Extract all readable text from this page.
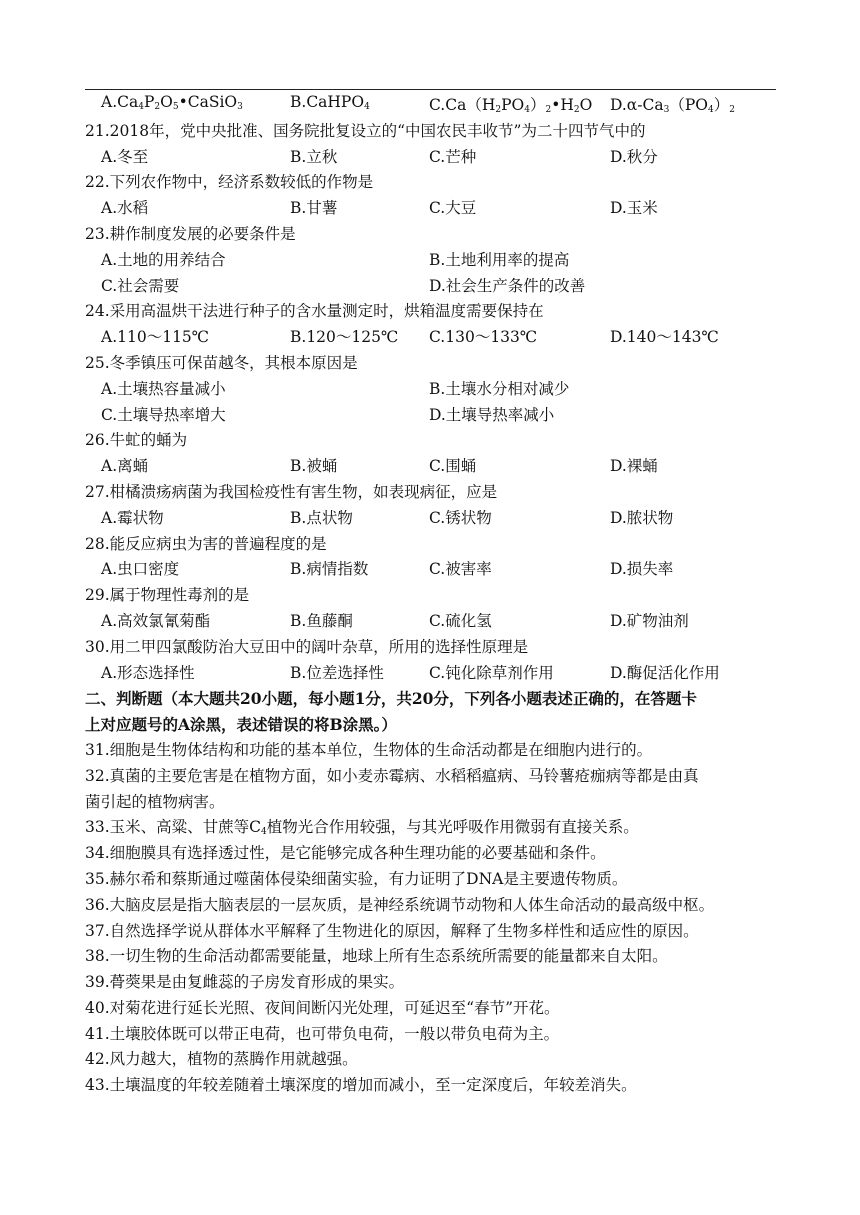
$A.Ca_4P_2O_5•CaSiO_3$	B.CaHPO$_4$	$C.Ca(H_2PO_4)_2•H_2O$ $D.\alpha-Ca_3(PO_4)_2$
21.2018年，党中央批准、国务院批复设立的“中国农民丰收节”为二十四节气中的
A.冬至	B.立秋	C.芒种	D.秋分
22.下列农作物中，经济系数较低的作物是
A.水稻	B.甘薯	C.大豆	D.玉米
23.耕作制度发展的必要条件是
A.土地的用养结合	B.土地利用率的提高
C.社会需要	D.社会生产条件的改善
24.采用高温烘干法进行种子的含水量测定时，烘箱温度需要保持在
A.110～115℃	B.120～125℃ C.130～133℃	D.140～143℃
25.冬季镇压可保苗越冬，其根本原因是
A.土壤热容量减小	B.土壤水分相对减少
C.土壤导热率增大	D.土壤导热率减小
26.牛虻的蛹为
A.离蛹	B.被蛹	C.围蛹	D.裸蛹
27.柑橘溃疡病菌为我国检疫性有害生物，如表现病征，应是
A.霉状物	B.点状物	C.锈状物	D.脓状物
28.能反应病虫为害的普遍程度的是
A.虫口密度	B.病情指数	C.被害率	D.损失率
29.属于物理性毒剂的是
A.高效氯氰菊酯	B.鱼藤酮	C.硫化氢	D.矿物油剂
30.用二甲四氯酸防治大豆田中的阔叶杂草，所用的选择性原理是
A.形态选择性	B.位差选择性	C.钝化除草剂作用	D.酶促活化作用
二、判断题（本大题共20小题，每小题1分，共20分，下列各小题表述正确的，在答题卡
上对应题号的A涂黑，表述错误的将B涂黑。）
31.细胞是生物体结构和功能的基本单位，生物体的生命活动都是在细胞内进行的。
32.真菌的主要危害是在植物方面，如小麦赤霉病、水稻稻瘟病、马铃薯疮痂病等都是由真
菌引起的植物病害。
33.玉米、高粱、甘蔗等$C_4$植物光合作用较强，与其光呼吸作用微弱有直接关系。
34.细胞膜具有选择透过性，是它能够完成各种生理功能的必要基础和条件。
35.赫尔希和蔡斯通过噬菌体侵染细菌实验，有力证明了DNA是主要遗传物质。
36.大脑皮层是指大脑表层的一层灰质，是神经系统调节动物和人体生命活动的最高级中枢。
37.自然选择学说从群体水平解释了生物进化的原因，解释了生物多样性和适应性的原因。
38.一切生物的生命活动都需要能量，地球上所有生态系统所需要的能量都来自太阳。
39.蓇葖果是由复雌蕊的子房发育形成的果实。
40.对菊花进行延长光照、夜间间断闪光处理，可延迟至“春节”开花。
41.土壤胶体既可以带正电荷，也可带负电荷，一般以带负电荷为主。
42.风力越大，植物的蒸腾作用就越强。
43.土壤温度的年较差随着土壤深度的增加而减小，至一定深度后，年较差消失。
